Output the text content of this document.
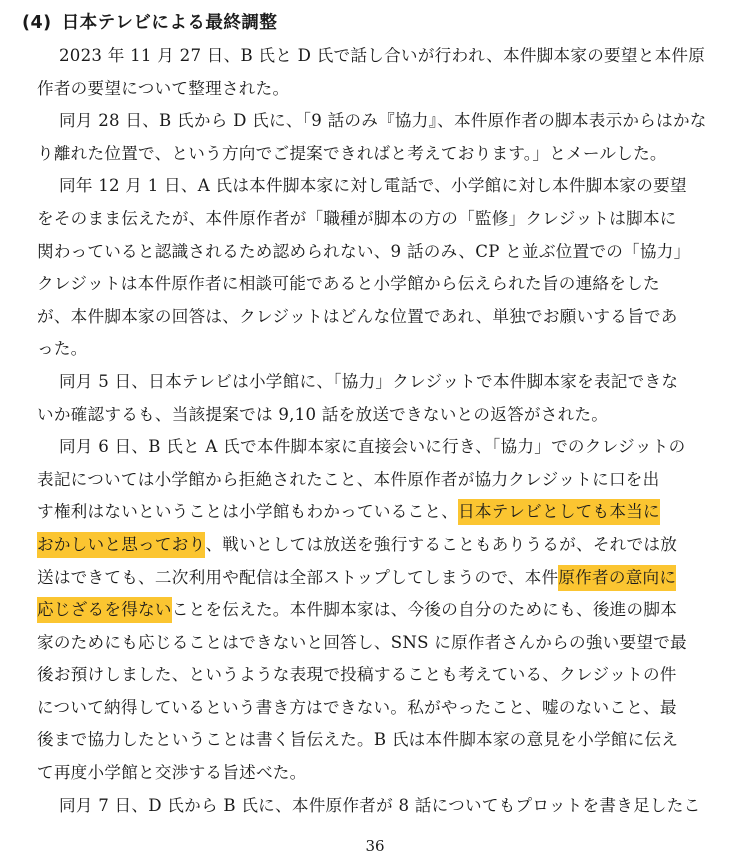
(4) 日本テレビによる最終調整
2023 年 11 月 27 日、B 氏と D 氏で話し合いが行われ、本件脚本家の要望と本件原
作者の要望について整理された。
同月 28 日、B 氏から D 氏に、「9 話のみ『協力』、本件原作者の脚本表示からはかな
り離れた位置で、という方向でご提案できればと考えております。」とメールした。
同年 12 月 1 日、A 氏は本件脚本家に対し電話で、小学館に対し本件脚本家の要望
をそのまま伝えたが、本件原作者が「職種が脚本の方の「監修」クレジットは脚本に
関わっていると認識されるため認められない、9 話のみ、CP と並ぶ位置での「協力」
クレジットは本件原作者に相談可能であると小学館から伝えられた旨の連絡をした
が、本件脚本家の回答は、クレジットはどんな位置であれ、単独でお願いする旨であ
った。
同月 5 日、日本テレビは小学館に、「協力」クレジットで本件脚本家を表記できな
いか確認するも、当該提案では 9,10 話を放送できないとの返答がされた。
同月 6 日、B 氏と A 氏で本件脚本家に直接会いに行き、「協力」でのクレジットの
表記については小学館から拒絶されたこと、本件原作者が協力クレジットに口を出
す権利はないということは小学館もわかっていること、日本テレビとしても本当に
おかしいと思っており、戦いとしては放送を強行することもありうるが、それでは放
送はできても、二次利用や配信は全部ストップしてしまうので、本件原作者の意向に
応じざるを得ないことを伝えた。本件脚本家は、今後の自分のためにも、後進の脚本
家のためにも応じることはできないと回答し、SNS に原作者さんからの強い要望で最
後お預けしました、というような表現で投稿することも考えている、クレジットの件
について納得しているという書き方はできない。私がやったこと、嘘のないこと、最
後まで協力したということは書く旨伝えた。B 氏は本件脚本家の意見を小学館に伝え
て再度小学館と交渉する旨述べた。
同月 7 日、D 氏から B 氏に、本件原作者が 8 話についてもプロットを書き足したこ
36
